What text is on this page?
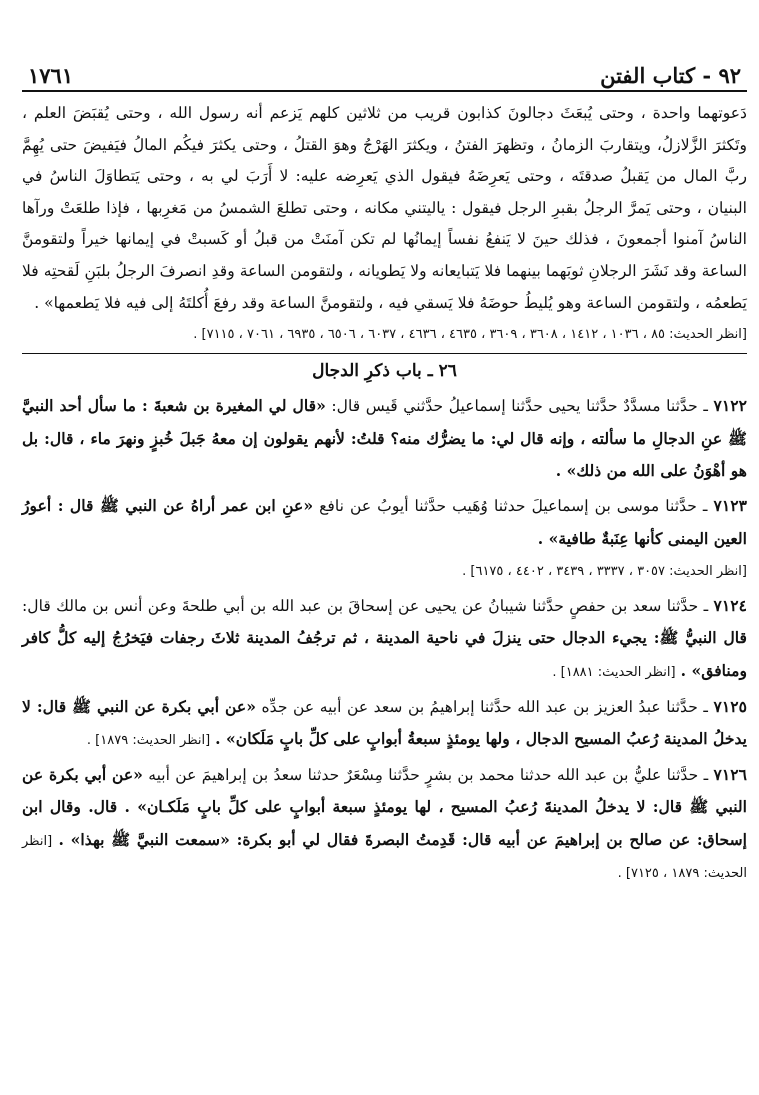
٩٢ - كتاب الفتن
١٧٦١

دَعوتهما واحدة ، وحتى يُبعَثَ دجالونَ كذابون قريب من ثلاثين كلهم يَزعم أنه رسول الله ، وحتى يُقبَضَ العلم ، وتَكثرَ الزَّلازلُ، ويتقاربَ الزمانُ ، وتظهرَ الفتنُ ، ويكثرَ الهَرْجُ وهوَ القتلُ ، وحتى يكثرَ فيكُم المالُ فيَفيضَ حتى يُهِمَّ ربَّ المال من يَقبلُ صدقتَه ، وحتى يَعرِضَهُ فيقول الذي يَعرِضه عليه: لا أَرَبَ لي به ، وحتى يَتطاوَلَ الناسُ في البنيان ، وحتى يَمرَّ الرجلُ بقبرِ الرجل فيقول : ياليتني مكانه ، وحتى تطلعَ الشمسُ من مَغرِبها ، فإذا طلعَتْ ورآها الناسُ آمنوا أجمعونَ ، فذلك حينَ لا يَنفعُ نفساً إيمانُها لم تكن آمنَتْ من قبلُ أو كَسبتْ في إيمانها خيراً ولتقومنَّ الساعة وقد نَشَرَ الرجلانِ ثوبَهما بينهما فلا يَتبايعانه ولا يَطويانه ، ولتقومن الساعة وقدِ انصرفَ الرجلُ بلبَنِ لَقحتِه فلا يَطعمُه ، ولتقومن الساعة وهو يُليطُ حوضَهُ فلا يَسقي فيه ، ولتقومنَّ الساعة وقد رفعَ أُكلتَهُ إلى فيه فلا يَطعمها» .

[انظر الحديث: ٨٥ ، ١٠٣٦ ، ١٤١٢ ، ٣٦٠٨ ، ٣٦٠٩ ، ٤٦٣٥ ، ٤٦٣٦ ، ٦٠٣٧ ، ٦٥٠٦ ، ٦٩٣٥ ، ٧٠٦١ ، ٧١١٥] .

٢٦ ـ باب ذكرِ الدجال

٧١٢٢ ـ حدَّثنا مسدَّدٌ حدَّثنا يحيى حدَّثنا إسماعيلُ حدَّثني قَيس قال: «قال لي المغيرة بن شعبةَ : ما سأل أحد النبيَّ ﷺ عنِ الدجالِ ما سألته ، وإنه قال لي: ما يضرُّك منه؟ قلتُ: لأنهم يقولون إن معهُ جَبلَ خُبزٍ ونهرَ ماء ، قال: بل هو أهْوَنُ على الله من ذلك» .

٧١٢٣ ـ حدَّثنا موسى بن إسماعيلَ حدثنا وُهَيب حدَّثنا أيوبُ عن نافع «عنِ ابن عمر أراهُ عن النبي ﷺ قال : أعورُ العين اليمنى كأنها عِنَبةٌ طافية» .

[انظر الحديث: ٣٠٥٧ ، ٣٣٣٧ ، ٣٤٣٩ ، ٤٤٠٢ ، ٦١٧٥] .

٧١٢٤ ـ حدَّثنا سعد بن حفصٍ حدَّثنا شيبانُ عن يحيى عن إسحاقَ بن عبد الله بن أبي طلحةَ وعن أنس بن مالك قال: قال النبيُّ ﷺ: يجيء الدجال حتى ينزلَ في ناحية المدينة ، ثم ترجُفُ المدينة ثلاثَ رجفات فيَخرُجُ إليه كلُّ كافر ومنافق» . [انظر الحديث: ١٨٨١] .

٧١٢٥ ـ حدَّثنا عبدُ العزيز بن عبد الله حدَّثنا إبراهيمُ بن سعد عن أبيه عن جدِّه «عن أبي بكرة عن النبي ﷺ قال: لا يدخلُ المدينة رُعبُ المسيح الدجال ، ولها يومئذٍ سبعةُ أبوابٍ على كلِّ بابٍ مَلَكان» . [انظر الحديث: ١٨٧٩] .

٧١٢٦ ـ حدَّثنا عليُّ بن عبد الله حدثنا محمد بن بشرٍ حدَّثنا مِسْعَرٌ حدثنا سعدُ بن إبراهيمَ عن أبيه «عن أبي بكرة عن النبي ﷺ قال: لا يدخلُ المدينةَ رُعبُ المسيح ، لها يومئذٍ سبعة أبوابٍ على كلِّ بابٍ مَلَكـان» . قال. وقال ابن إسحاق: عن صالح بن إبراهيمَ عن أبيه قال: قَدِمتُ البصرةَ فقال لي أبو بكرة: «سمعت النبيَّ ﷺ بهذا» . [انظر الحديث: ١٨٧٩ ، ٧١٢٥] .
